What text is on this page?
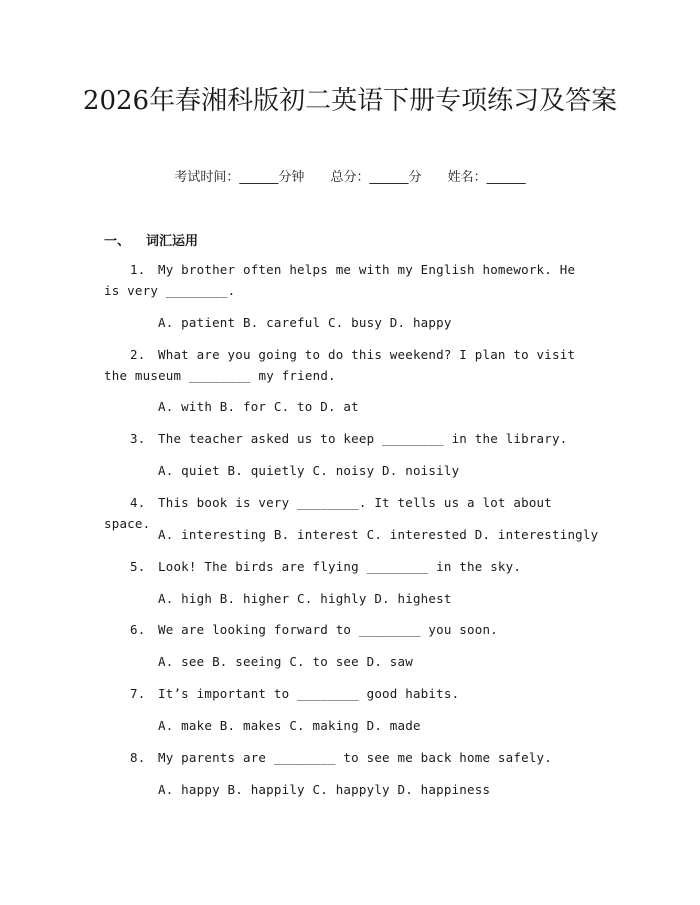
2026年春湘科版初二英语下册专项练习及答案
考试时间：______分钟 总分：______分 姓名：______
一、 词汇运用
1. My brother often helps me with my English homework. He is very ________.
A. patient B. careful C. busy D. happy
2. What are you going to do this weekend? I plan to visit the museum ________ my friend.
A. with B. for C. to D. at
3. The teacher asked us to keep ________ in the library.
A. quiet B. quietly C. noisy D. noisily
4. This book is very ________. It tells us a lot about space.
A. interesting B. interest C. interested D. interestingly
5. Look! The birds are flying ________ in the sky.
A. high B. higher C. highly D. highest
6. We are looking forward to ________ you soon.
A. see B. seeing C. to see D. saw
7. It’s important to ________ good habits.
A. make B. makes C. making D. made
8. My parents are ________ to see me back home safely.
A. happy B. happily C. happyly D. happiness
